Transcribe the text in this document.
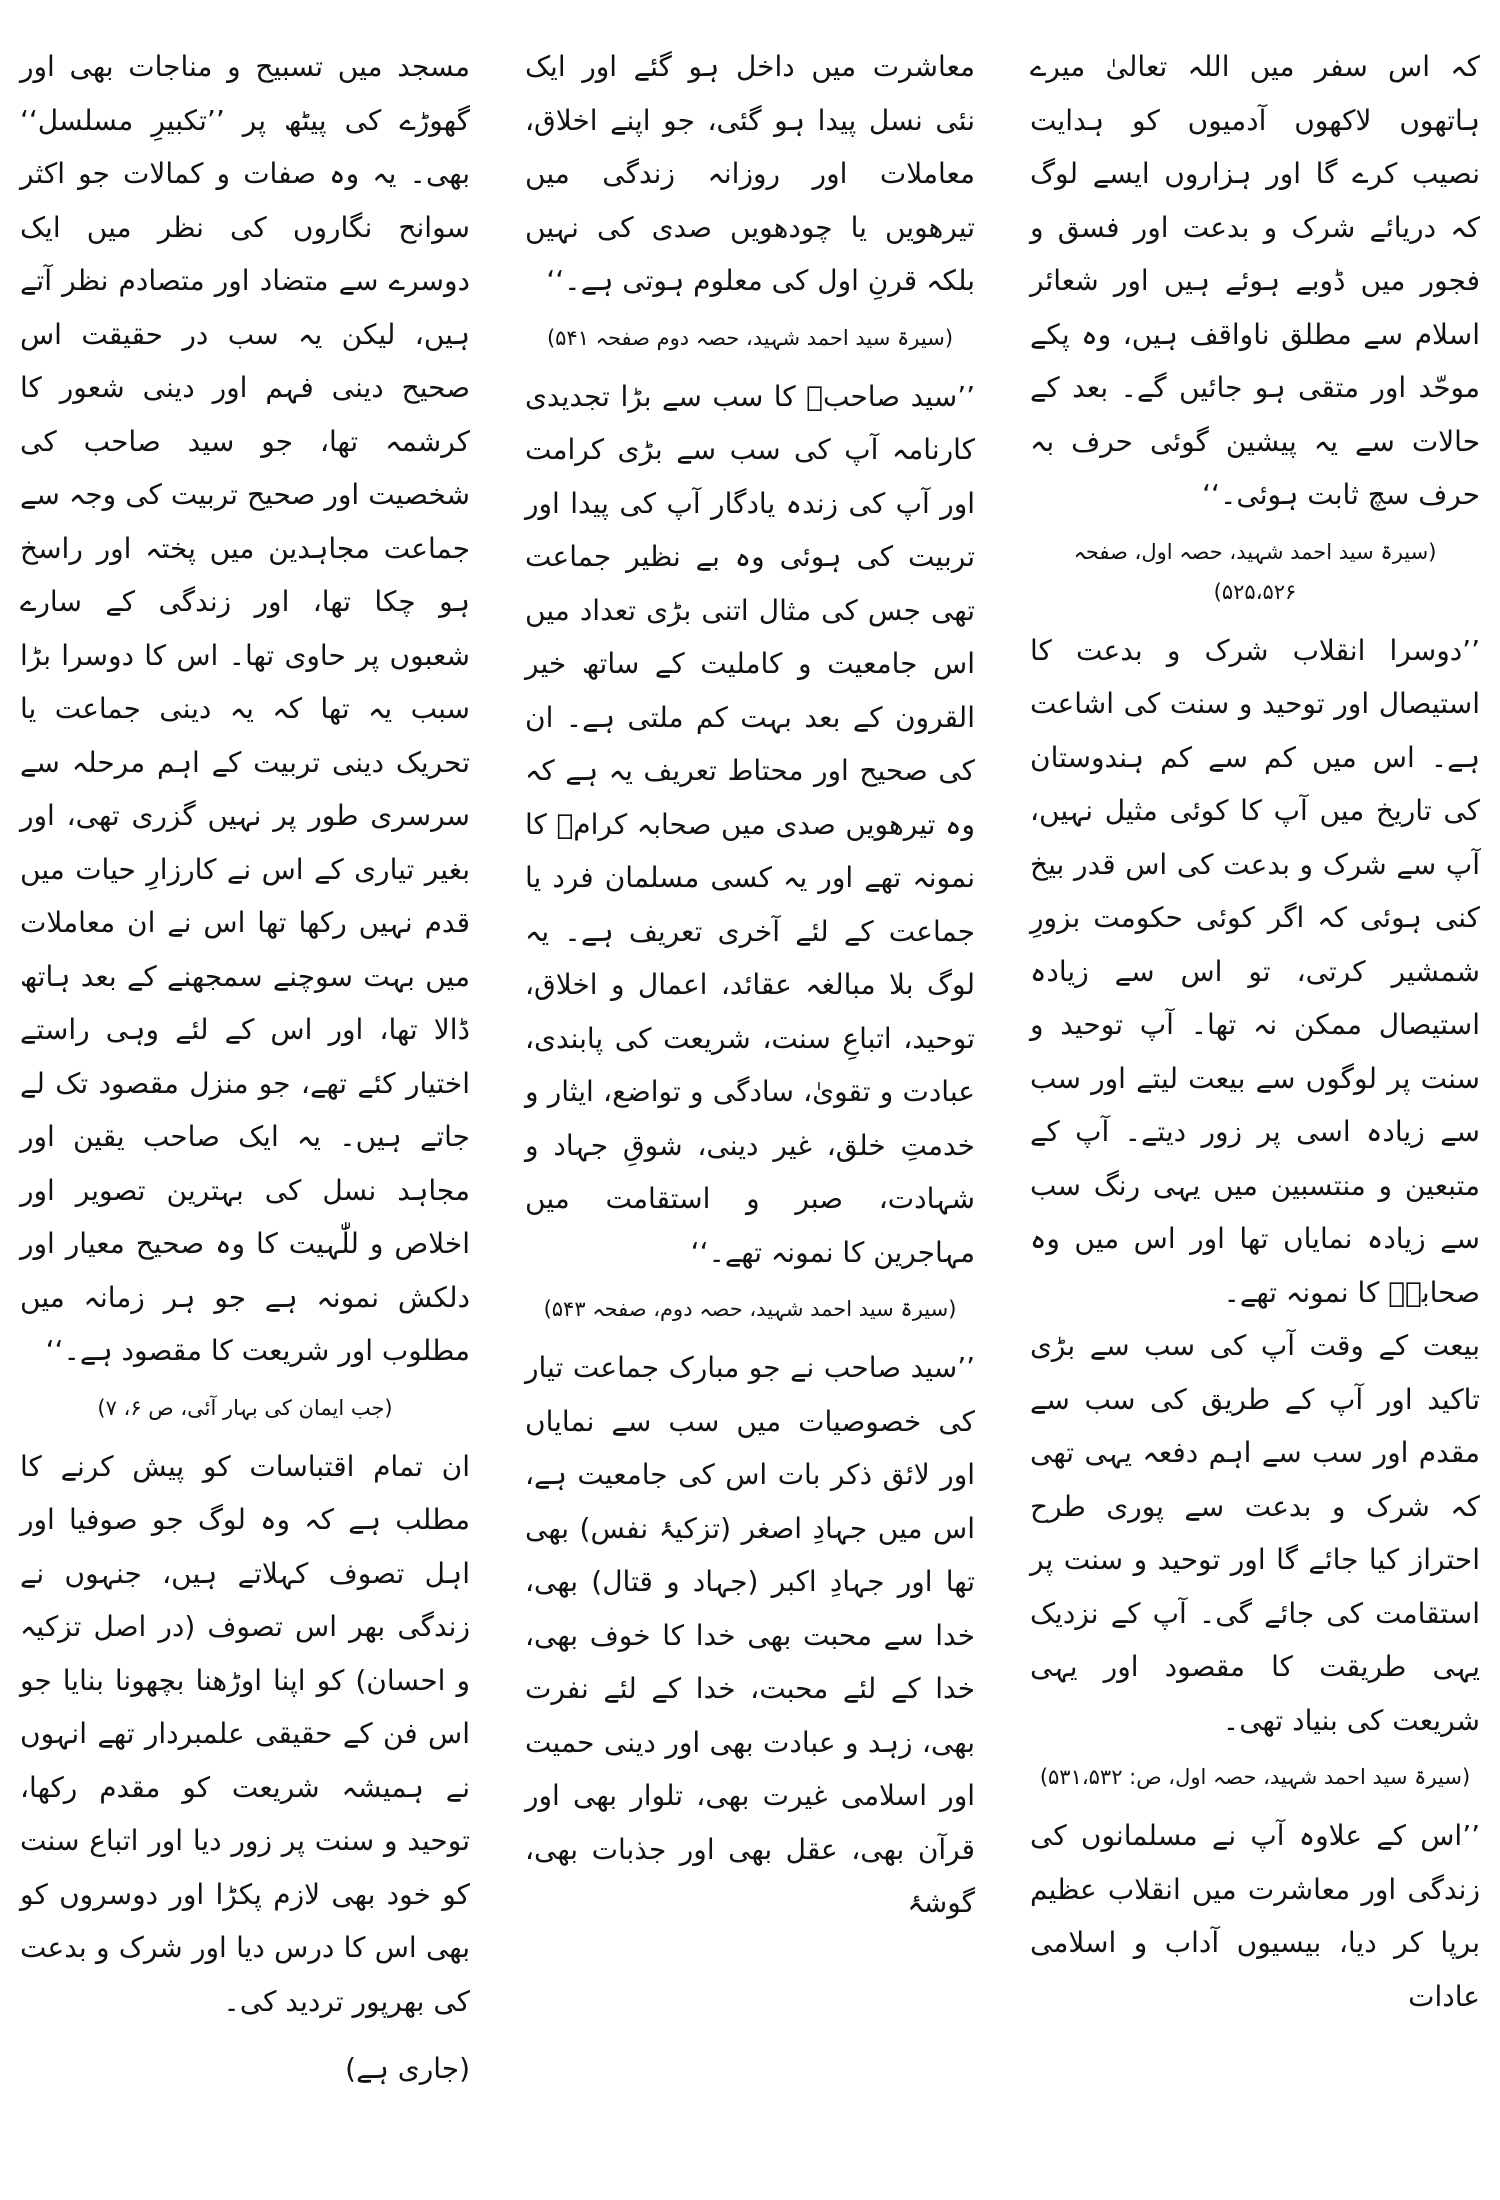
کہ اس سفر میں اللہ تعالیٰ میرے ہاتھوں لاکھوں آدمیوں کو ہدایت نصیب کرے گا اور ہزاروں ایسے لوگ کہ دریائے شرک و بدعت اور فسق و فجور میں ڈوبے ہوئے ہیں اور شعائر اسلام سے مطلق ناواقف ہیں، وہ پکے موحّد اور متقی ہو جائیں گے۔ بعد کے حالات سے یہ پیشین گوئی حرف بہ حرف سچ ثابت ہوئی۔‘‘

(سیرۃ سید احمد شہید، حصہ اول، صفحہ ۵۲۵،۵۲۶)

’’دوسرا انقلاب شرک و بدعت کا استیصال اور توحید و سنت کی اشاعت ہے۔ اس میں کم سے کم ہندوستان کی تاریخ میں آپ کا کوئی مثیل نہیں، آپ سے شرک و بدعت کی اس قدر بیخ کنی ہوئی کہ اگر کوئی حکومت بزورِ شمشیر کرتی، تو اس سے زیادہ استیصال ممکن نہ تھا۔ آپ توحید و سنت پر لوگوں سے بیعت لیتے اور سب سے زیادہ اسی پر زور دیتے۔ آپ کے متبعین و منتسبین میں یہی رنگ سب سے زیادہ نمایاں تھا اور اس میں وہ صحابہؓ کا نمونہ تھے۔

بیعت کے وقت آپ کی سب سے بڑی تاکید اور آپ کے طریق کی سب سے مقدم اور سب سے اہم دفعہ یہی تھی کہ شرک و بدعت سے پوری طرح احتراز کیا جائے گا اور توحید و سنت پر استقامت کی جائے گی۔ آپ کے نزدیک یہی طریقت کا مقصود اور یہی شریعت کی بنیاد تھی۔

(سیرۃ سید احمد شہید، حصہ اول، ص: ۵۳۱،۵۳۲)

’’اس کے علاوہ آپ نے مسلمانوں کی زندگی اور معاشرت میں انقلاب عظیم برپا کر دیا، بیسیوں آداب و اسلامی عادات

معاشرت میں داخل ہو گئے اور ایک نئی نسل پیدا ہو گئی، جو اپنے اخلاق، معاملات اور روزانہ زندگی میں تیرھویں یا چودھویں صدی کی نہیں بلکہ قرنِ اول کی معلوم ہوتی ہے۔‘‘

(سیرۃ سید احمد شہید، حصہ دوم صفحہ ۵۴۱)

’’سید صاحبؒ کا سب سے بڑا تجدیدی کارنامہ آپ کی سب سے بڑی کرامت اور آپ کی زندہ یادگار آپ کی پیدا اور تربیت کی ہوئی وہ بے نظیر جماعت تھی جس کی مثال اتنی بڑی تعداد میں اس جامعیت و کاملیت کے ساتھ خیر القرون کے بعد بہت کم ملتی ہے۔ ان کی صحیح اور محتاط تعریف یہ ہے کہ وہ تیرھویں صدی میں صحابہ کرامؓ کا نمونہ تھے اور یہ کسی مسلمان فرد یا جماعت کے لئے آخری تعریف ہے۔ یہ لوگ بلا مبالغہ عقائد، اعمال و اخلاق، توحید، اتباعِ سنت، شریعت کی پابندی، عبادت و تقویٰ، سادگی و تواضع، ایثار و خدمتِ خلق، غیر دینی، شوقِ جہاد و شہادت، صبر و استقامت میں مہاجرین کا نمونہ تھے۔‘‘

(سیرۃ سید احمد شہید، حصہ دوم، صفحہ ۵۴۳)

’’سید صاحب نے جو مبارک جماعت تیار کی خصوصیات میں سب سے نمایاں اور لائق ذکر بات اس کی جامعیت ہے، اس میں جہادِ اصغر (تزکیۂ نفس) بھی تھا اور جہادِ اکبر (جہاد و قتال) بھی، خدا سے محبت بھی خدا کا خوف بھی، خدا کے لئے محبت، خدا کے لئے نفرت بھی، زہد و عبادت بھی اور دینی حمیت اور اسلامی غیرت بھی، تلوار بھی اور قرآن بھی، عقل بھی اور جذبات بھی، گوشۂ

مسجد میں تسبیح و مناجات بھی اور گھوڑے کی پیٹھ پر ’’تکبیرِ مسلسل‘‘ بھی۔ یہ وہ صفات و کمالات جو اکثر سوانح نگاروں کی نظر میں ایک دوسرے سے متضاد اور متصادم نظر آتے ہیں، لیکن یہ سب در حقیقت اس صحیح دینی فہم اور دینی شعور کا کرشمہ تھا، جو سید صاحب کی شخصیت اور صحیح تربیت کی وجہ سے جماعت مجاہدین میں پختہ اور راسخ ہو چکا تھا، اور زندگی کے سارے شعبوں پر حاوی تھا۔ اس کا دوسرا بڑا سبب یہ تھا کہ یہ دینی جماعت یا تحریک دینی تربیت کے اہم مرحلہ سے سرسری طور پر نہیں گزری تھی، اور بغیر تیاری کے اس نے کارزارِ حیات میں قدم نہیں رکھا تھا اس نے ان معاملات میں بہت سوچنے سمجھنے کے بعد ہاتھ ڈالا تھا، اور اس کے لئے وہی راستے اختیار کئے تھے، جو منزل مقصود تک لے جاتے ہیں۔ یہ ایک صاحب یقین اور مجاہد نسل کی بہترین تصویر اور اخلاص و للّٰہیت کا وہ صحیح معیار اور دلکش نمونہ ہے جو ہر زمانہ میں مطلوب اور شریعت کا مقصود ہے۔‘‘

(جب ایمان کی بہار آئی، ص ۶، ۷)

ان تمام اقتباسات کو پیش کرنے کا مطلب ہے کہ وہ لوگ جو صوفیا اور اہل تصوف کہلاتے ہیں، جنہوں نے زندگی بھر اس تصوف (در اصل تزکیہ و احسان) کو اپنا اوڑھنا بچھونا بنایا جو اس فن کے حقیقی علمبردار تھے انہوں نے ہمیشہ شریعت کو مقدم رکھا، توحید و سنت پر زور دیا اور اتباع سنت کو خود بھی لازم پکڑا اور دوسروں کو بھی اس کا درس دیا اور شرک و بدعت کی بھرپور تردید کی۔

(جاری ہے)
